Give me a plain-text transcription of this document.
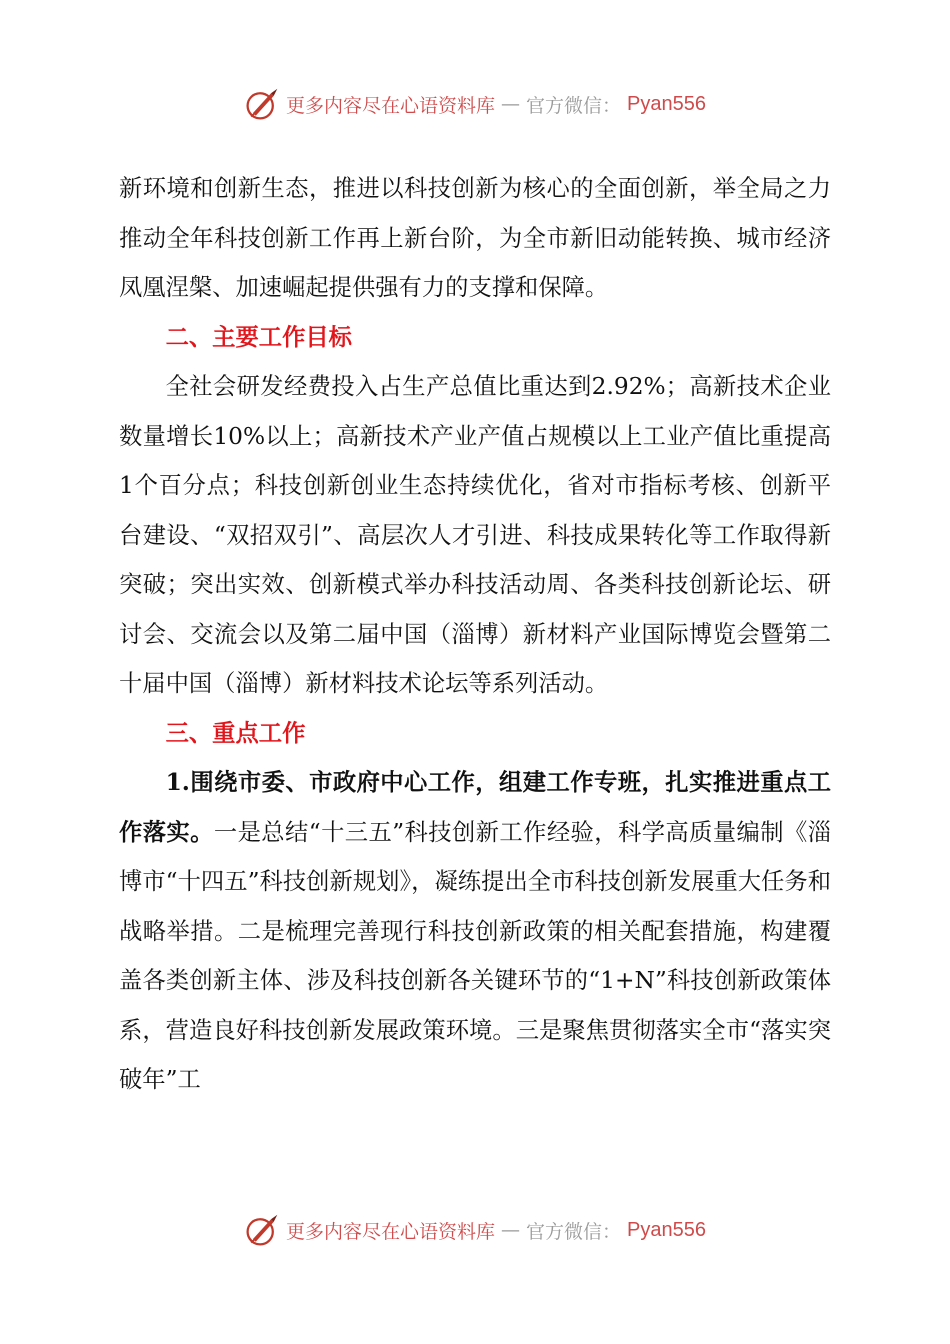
更多内容尽在心语资料库 — 官方微信： Pyan556

新环境和创新生态，推进以科技创新为核心的全面创新，举全局之力推动全年科技创新工作再上新台阶，为全市新旧动能转换、城市经济凤凰涅槃、加速崛起提供强有力的支撑和保障。

二、主要工作目标

全社会研发经费投入占生产总值比重达到2.92%；高新技术企业数量增长10%以上；高新技术产业产值占规模以上工业产值比重提高1个百分点；科技创新创业生态持续优化，省对市指标考核、创新平台建设、“双招双引”、高层次人才引进、科技成果转化等工作取得新突破；突出实效、创新模式举办科技活动周、各类科技创新论坛、研讨会、交流会以及第二届中国（淄博）新材料产业国际博览会暨第二十届中国（淄博）新材料技术论坛等系列活动。

三、重点工作

1.围绕市委、市政府中心工作，组建工作专班，扎实推进重点工作落实。一是总结“十三五”科技创新工作经验，科学高质量编制《淄博市“十四五”科技创新规划》，凝练提出全市科技创新发展重大任务和战略举措。二是梳理完善现行科技创新政策的相关配套措施，构建覆盖各类创新主体、涉及科技创新各关键环节的“1+N”科技创新政策体系，营造良好科技创新发展政策环境。三是聚焦贯彻落实全市“落实突破年”工

更多内容尽在心语资料库 — 官方微信： Pyan556
